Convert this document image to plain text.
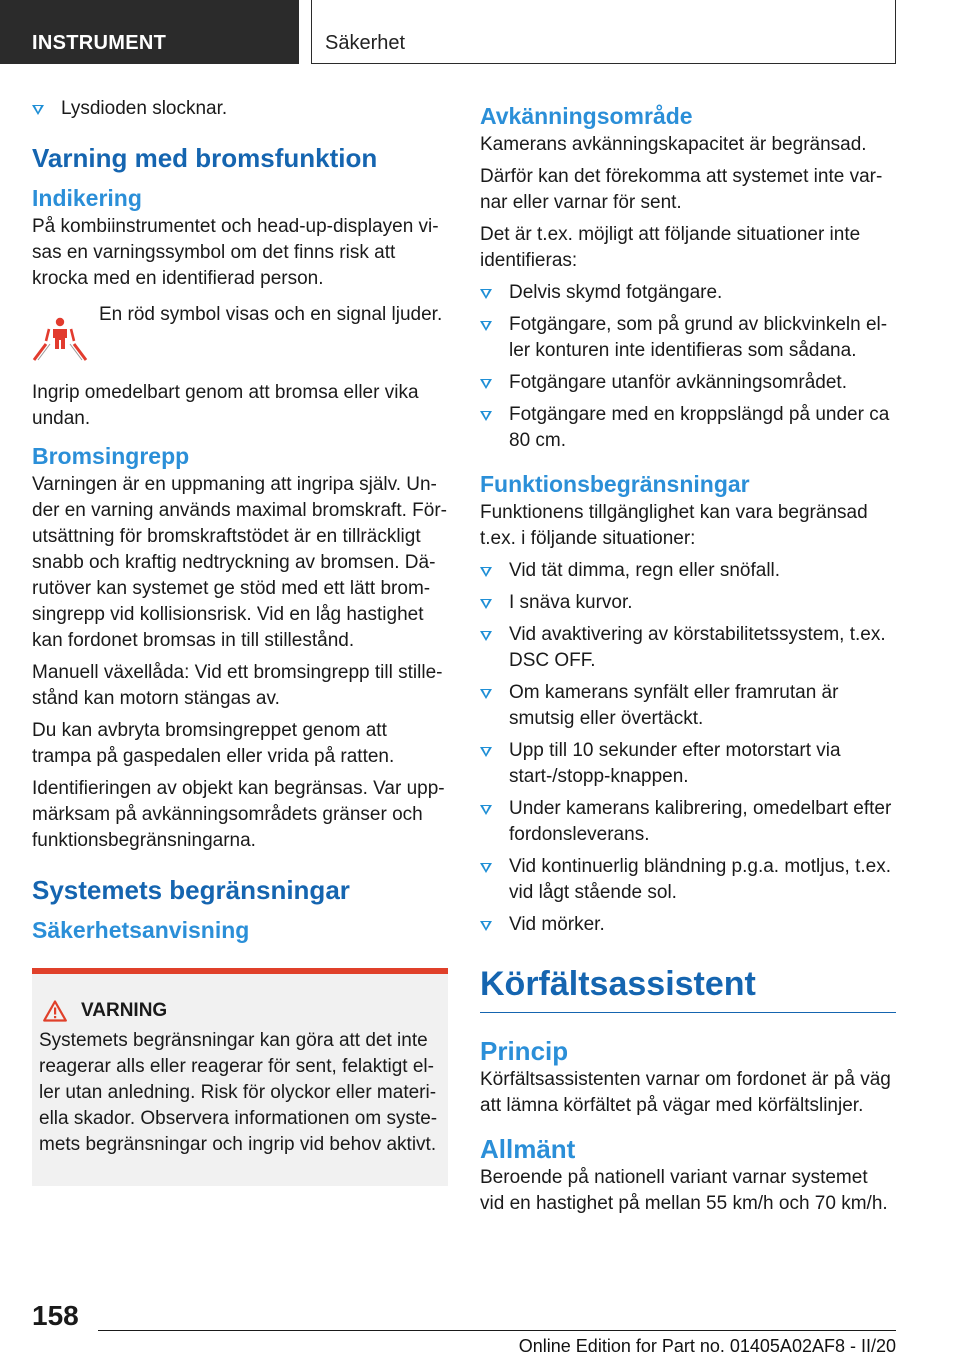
INSTRUMENT	Säkerhet
Lysdioden slocknar.
Varning med bromsfunktion
Indikering

På kombiinstrumentet och head-up-displayen vi-sas en varningssymbol om det finns risk att krocka med en identifierad person.

En röd symbol visas och en signal ljuder.

Ingrip omedelbart genom att bromsa eller vika undan.

Bromsingrepp

Varningen är en uppmaning att ingripa själv. Un-der en varning används maximal bromskraft. För-utsättning för bromskraftstödet är en tillräckligt snabb och kraftig nedtryckning av bromsen. Dä-rutöver kan systemet ge stöd med ett lätt brom-singrepp vid kollisionsrisk. Vid en låg hastighet kan fordonet bromsas in till stillestånd.

Manuell växellåda: Vid ett bromsingrepp till stille-stånd kan motorn stängas av.

Du kan avbryta bromsingreppet genom att trampa på gaspedalen eller vrida på ratten.

Identifieringen av objekt kan begränsas. Var upp-märksam på avkänningsområdets gränser och funktionsbegränsningarna.

Systemets begränsningar
Säkerhetsanvisning
VARNING

Systemets begränsningar kan göra att det inte reagerar alls eller reagerar för sent, felaktigt el-ler utan anledning. Risk för olyckor eller materi-ella skador. Observera informationen om syste-mets begränsningar och ingrip vid behov aktivt.

Avkänningsområde

Kamerans avkänningskapacitet är begränsad.

Därför kan det förekomma att systemet inte var-nar eller varnar för sent.

Det är t.ex. möjligt att följande situationer inte identifieras:

Delvis skymd fotgängare.
Fotgängare, som på grund av blickvinkeln el-ler konturen inte identifieras som sådana.
Fotgängare utanför avkänningsområdet.
Fotgängare med en kroppslängd på under ca 80 cm.
Funktionsbegränsningar

Funktionens tillgänglighet kan vara begränsad t.ex. i följande situationer:

Vid tät dimma, regn eller snöfall.
I snäva kurvor.
Vid avaktivering av körstabilitetssystem, t.ex. DSC OFF.
Om kamerans synfält eller framrutan är smutsig eller övertäckt.
Upp till 10 sekunder efter motorstart via start-/stopp-knappen.
Under kamerans kalibrering, omedelbart efter fordonsleverans.
Vid kontinuerlig bländning p.g.a. motljus, t.ex. vid lågt stående sol.
Vid mörker.
Körfältsassistent
Princip

Körfältsassistenten varnar om fordonet är på väg att lämna körfältet på vägar med körfältslinjer.

Allmänt

Beroende på nationell variant varnar systemet vid en hastighet på mellan 55 km/h och 70 km/h.

158
Online Edition for Part no. 01405A02AF8 - II/20
